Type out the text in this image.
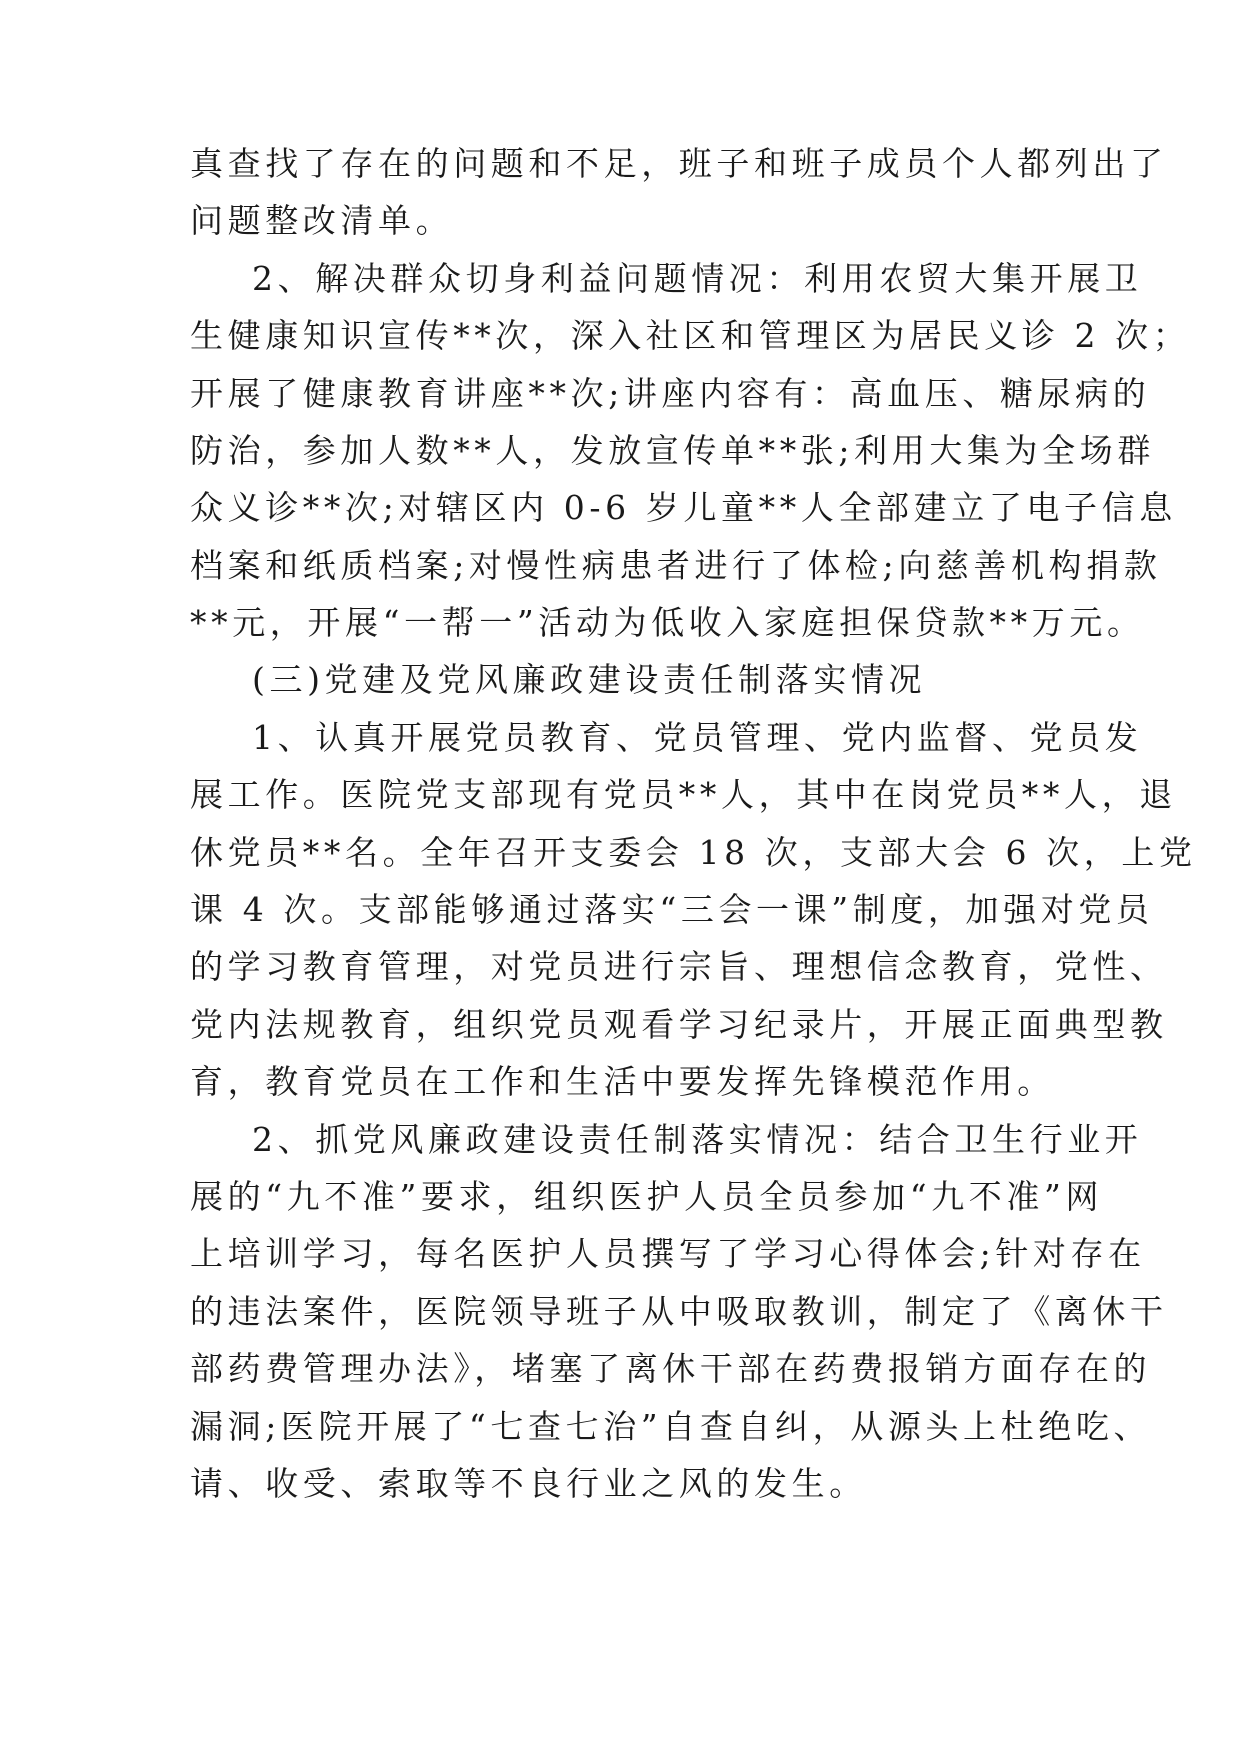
真查找了存在的问题和不足，班子和班子成员个人都列出了
问题整改清单。
2、解决群众切身利益问题情况：利用农贸大集开展卫
生健康知识宣传**次，深入社区和管理区为居民义诊 2 次；
开展了健康教育讲座**次;讲座内容有：高血压、糖尿病的
防治，参加人数**人，发放宣传单**张;利用大集为全场群
众义诊**次;对辖区内 0-6 岁儿童**人全部建立了电子信息
档案和纸质档案;对慢性病患者进行了体检;向慈善机构捐款
**元，开展“一帮一”活动为低收入家庭担保贷款**万元。
(三)党建及党风廉政建设责任制落实情况
1、认真开展党员教育、党员管理、党内监督、党员发
展工作。医院党支部现有党员**人，其中在岗党员**人，退
休党员**名。全年召开支委会 18 次，支部大会 6 次，上党
课 4 次。支部能够通过落实“三会一课”制度，加强对党员
的学习教育管理，对党员进行宗旨、理想信念教育，党性、
党内法规教育，组织党员观看学习纪录片，开展正面典型教
育，教育党员在工作和生活中要发挥先锋模范作用。
2、抓党风廉政建设责任制落实情况：结合卫生行业开
展的“九不准”要求，组织医护人员全员参加“九不准”网
上培训学习，每名医护人员撰写了学习心得体会;针对存在
的违法案件，医院领导班子从中吸取教训，制定了《离休干
部药费管理办法》，堵塞了离休干部在药费报销方面存在的
漏洞;医院开展了“七查七治”自查自纠，从源头上杜绝吃、
请、收受、索取等不良行业之风的发生。
